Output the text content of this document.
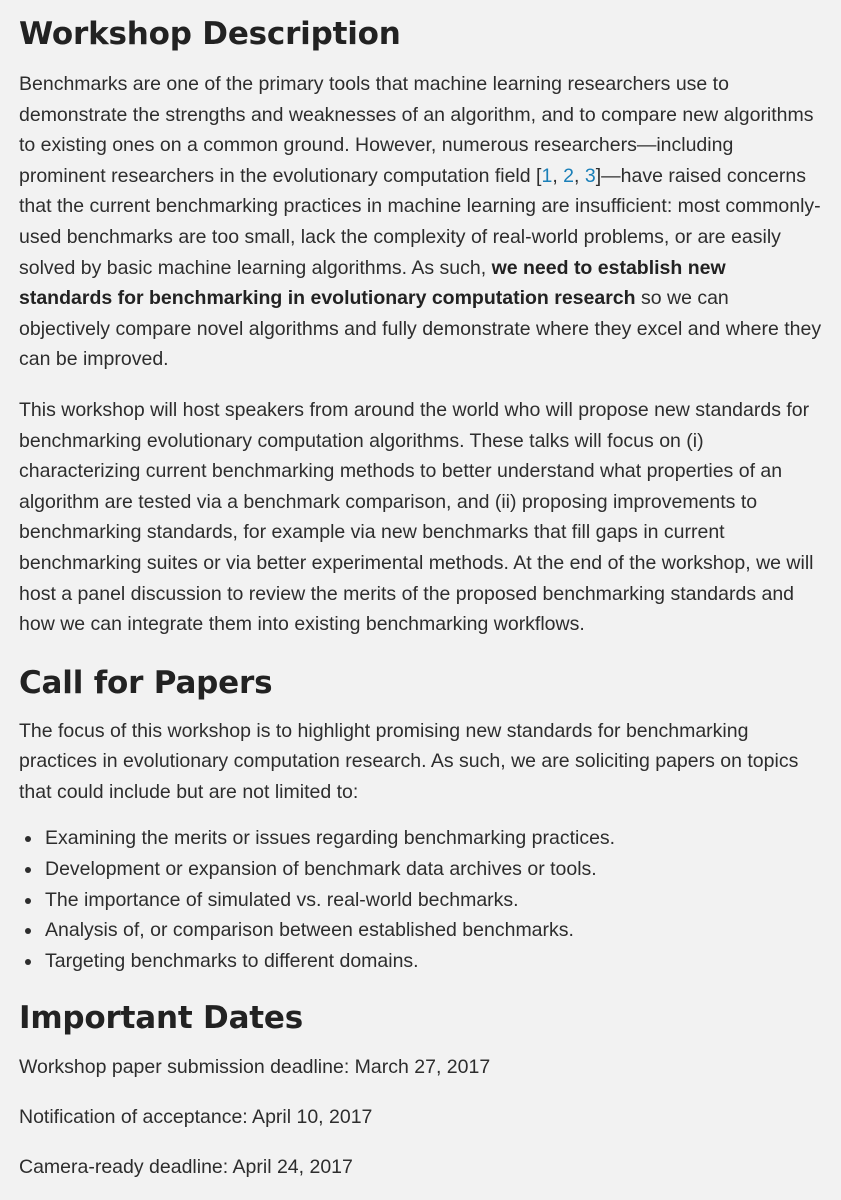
Workshop Description

Benchmarks are one of the primary tools that machine learning researchers use to demonstrate the strengths and weaknesses of an algorithm, and to compare new algorithms to existing ones on a common ground. However, numerous researchers—including prominent researchers in the evolutionary computation field [1, 2, 3]—have raised concerns that the current benchmarking practices in machine learning are insufficient: most commonly-used benchmarks are too small, lack the complexity of real-world problems, or are easily solved by basic machine learning algorithms. As such, we need to establish new standards for benchmarking in evolutionary computation research so we can objectively compare novel algorithms and fully demonstrate where they excel and where they can be improved.

This workshop will host speakers from around the world who will propose new standards for benchmarking evolutionary computation algorithms. These talks will focus on (i) characterizing current benchmarking methods to better understand what properties of an algorithm are tested via a benchmark comparison, and (ii) proposing improvements to benchmarking standards, for example via new benchmarks that fill gaps in current benchmarking suites or via better experimental methods. At the end of the workshop, we will host a panel discussion to review the merits of the proposed benchmarking standards and how we can integrate them into existing benchmarking workflows.

Call for Papers

The focus of this workshop is to highlight promising new standards for benchmarking practices in evolutionary computation research. As such, we are soliciting papers on topics that could include but are not limited to:

Examining the merits or issues regarding benchmarking practices.
Development or expansion of benchmark data archives or tools.
The importance of simulated vs. real-world bechmarks.
Analysis of, or comparison between established benchmarks.
Targeting benchmarks to different domains.
Important Dates

Workshop paper submission deadline: March 27, 2017

Notification of acceptance: April 10, 2017

Camera-ready deadline: April 24, 2017
